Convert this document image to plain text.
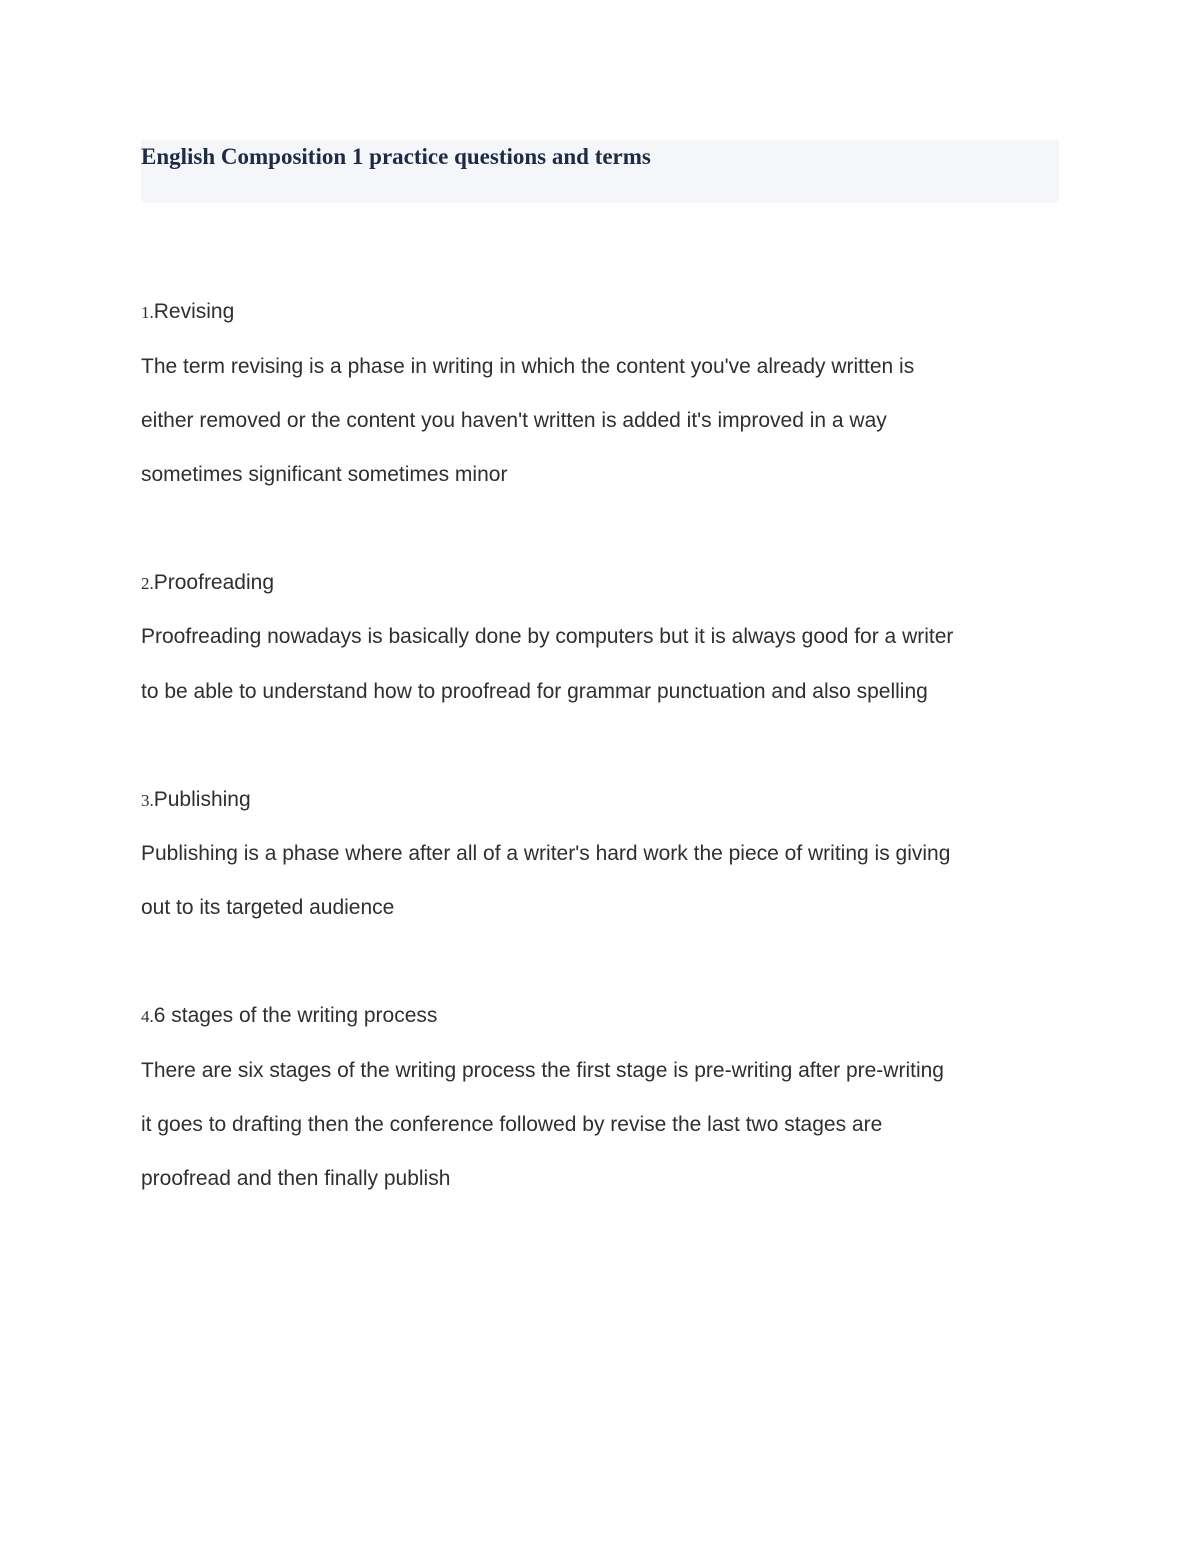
English Composition 1 practice questions and terms
1.Revising
The term revising is a phase in writing in which the content you've already written is
either removed or the content you haven't written is added it's improved in a way
sometimes significant sometimes minor
2.Proofreading
Proofreading nowadays is basically done by computers but it is always good for a writer
to be able to understand how to proofread for grammar punctuation and also spelling
3.Publishing
Publishing is a phase where after all of a writer's hard work the piece of writing is giving
out to its targeted audience
4.6 stages of the writing process
There are six stages of the writing process the first stage is pre-writing after pre-writing
it goes to drafting then the conference followed by revise the last two stages are
proofread and then finally publish
